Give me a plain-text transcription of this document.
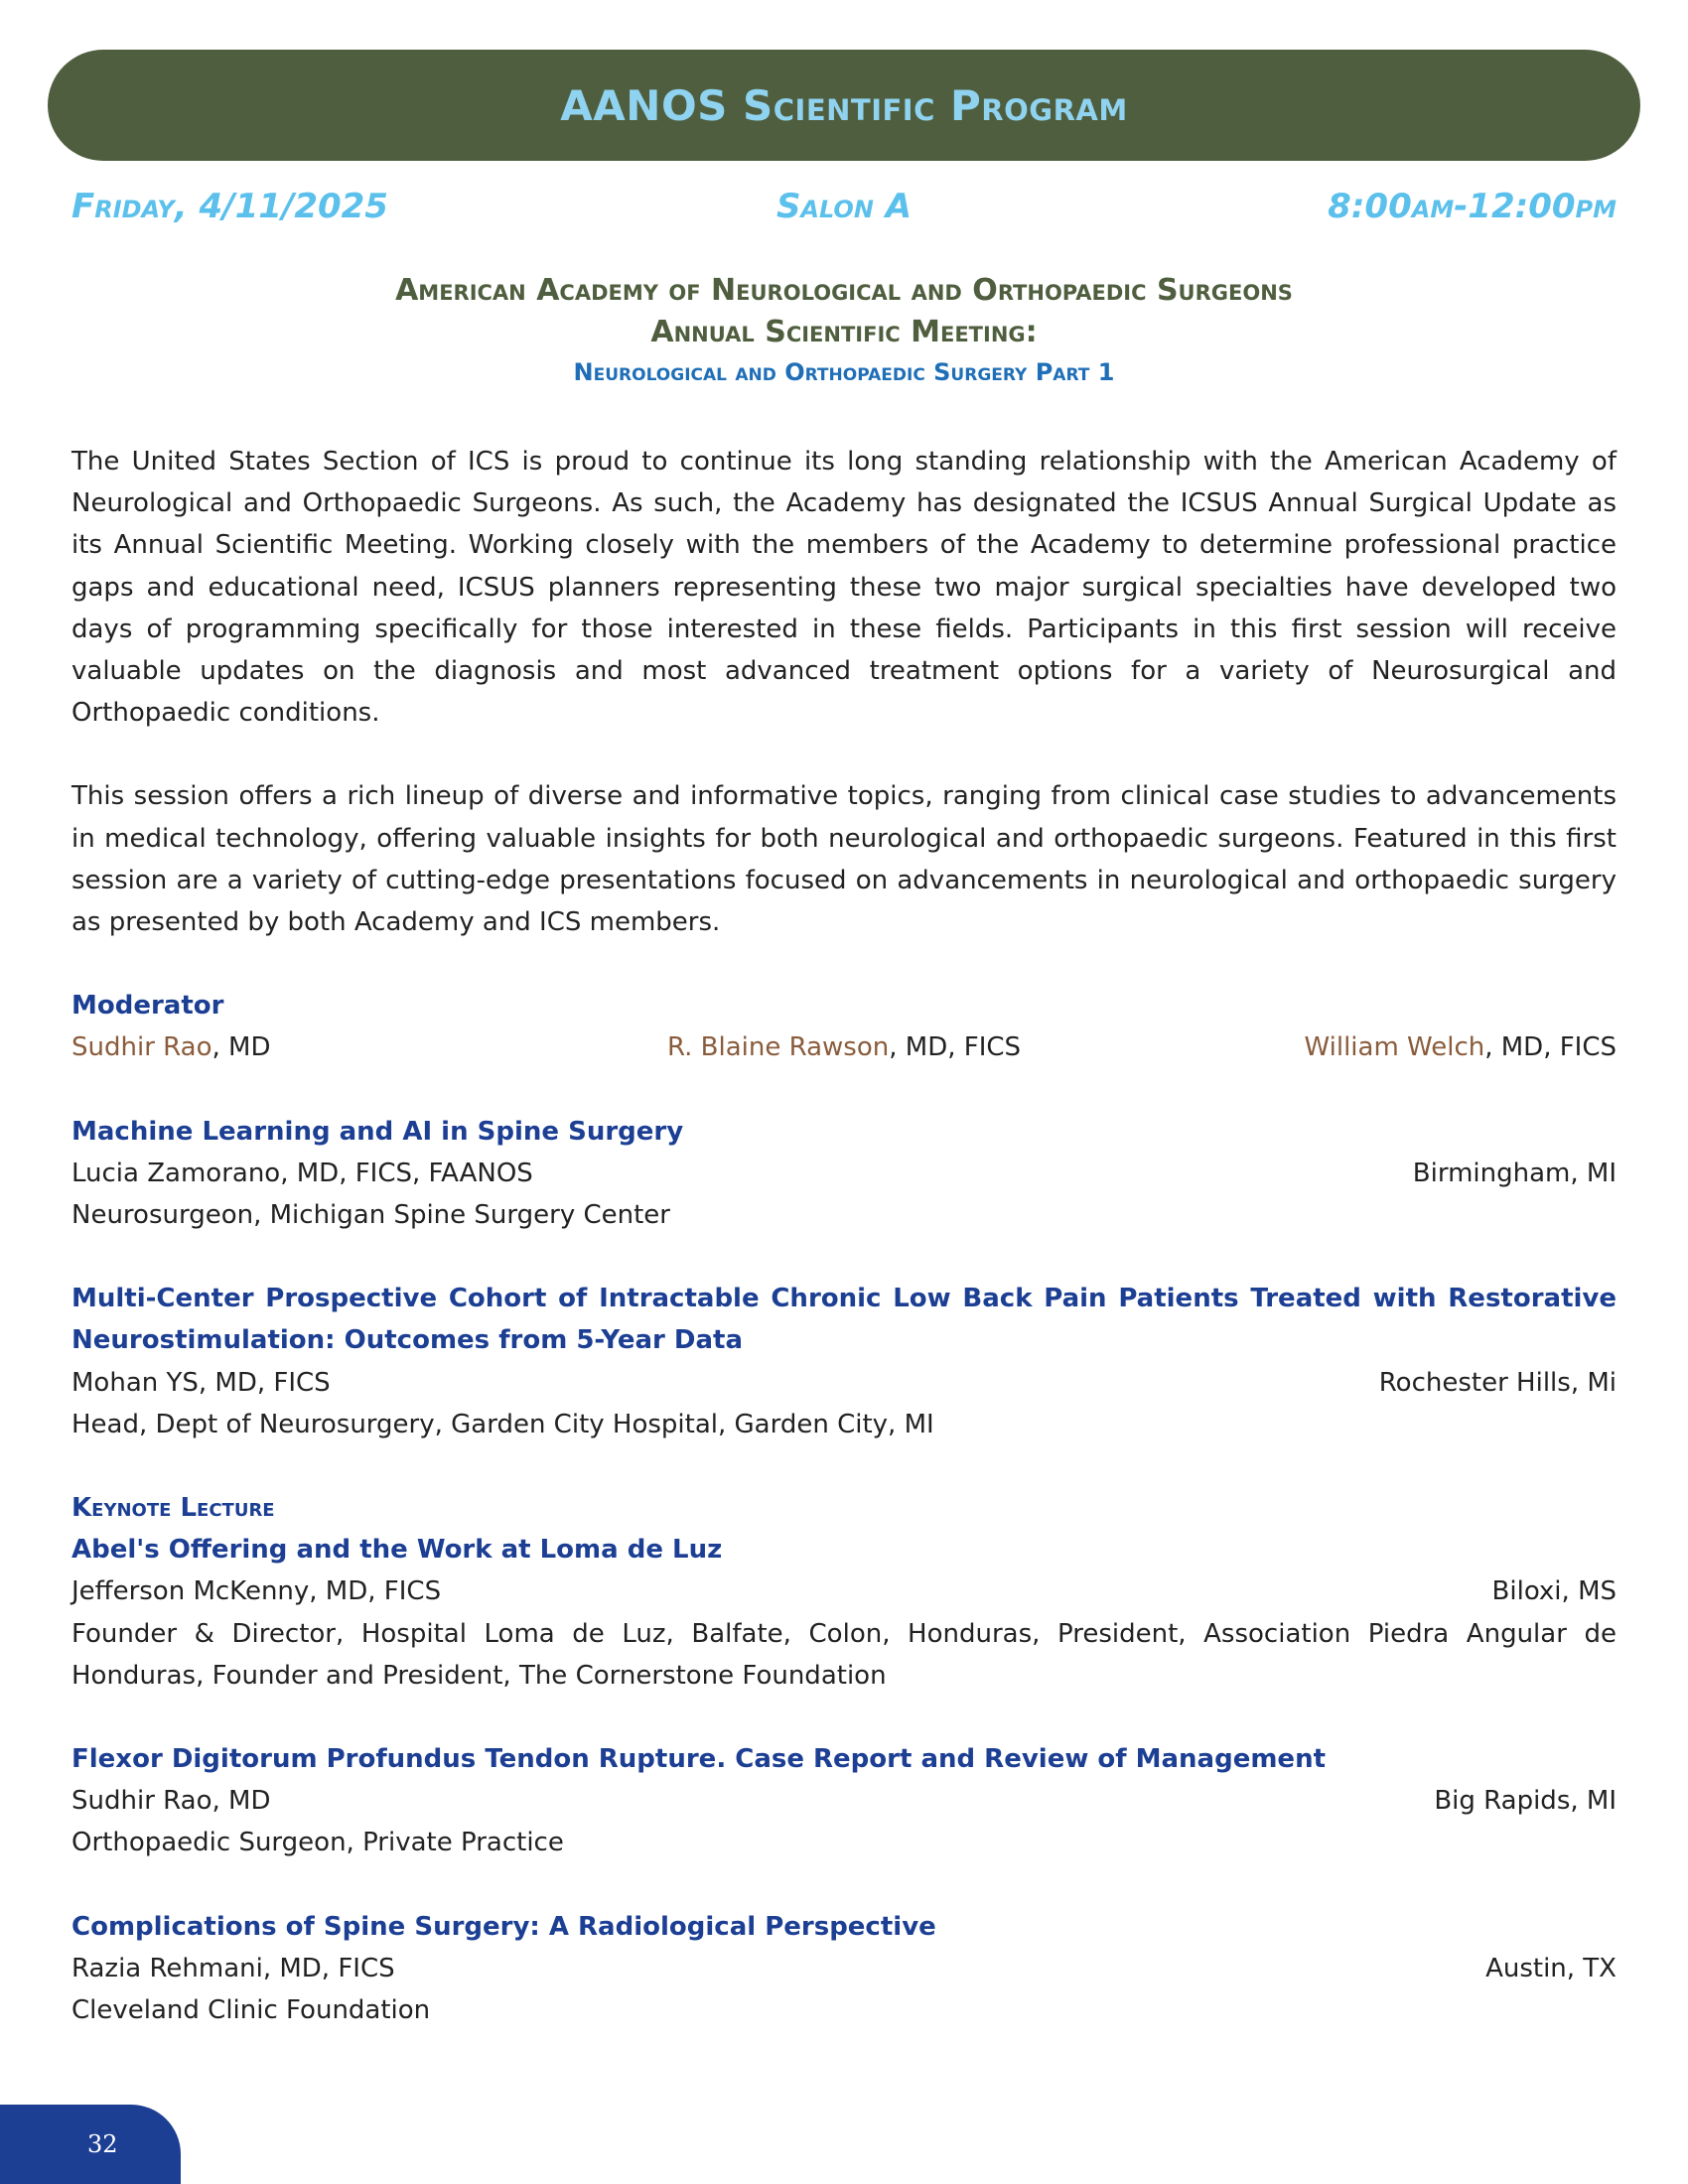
AANOS Scientific Program
Friday, 4/11/2025	Salon A	8:00am-12:00pm
American Academy of Neurological and Orthopaedic Surgeons
Annual Scientific Meeting:
Neurological and Orthopaedic Surgery Part 1

The United States Section of ICS is proud to continue its long standing relationship with the American Academy of Neurological and Orthopaedic Surgeons. As such, the Academy has designated the ICSUS Annual Surgical Update as its Annual Scientific Meeting. Working closely with the members of the Academy to determine professional practice gaps and educational need, ICSUS planners representing these two major surgical specialties have developed two days of programming specifically for those interested in these fields. Participants in this first session will receive valuable updates on the diagnosis and most advanced treatment options for a variety of Neurosurgical and Orthopaedic conditions.

This session offers a rich lineup of diverse and informative topics, ranging from clinical case studies to advancements in medical technology, offering valuable insights for both neurological and orthopaedic surgeons. Featured in this first session are a variety of cutting-edge presentations focused on advancements in neurological and orthopaedic surgery as presented by both Academy and ICS members.

Moderator
Sudhir Rao, MD	R. Blaine Rawson, MD, FICS	William Welch, MD, FICS
Machine Learning and AI in Spine Surgery
Lucia Zamorano, MD, FICS, FAANOS	Birmingham, MI
Neurosurgeon, Michigan Spine Surgery Center
Multi-Center Prospective Cohort of Intractable Chronic Low Back Pain Patients Treated with Restorative Neurostimulation: Outcomes from 5-Year Data
Mohan YS, MD, FICS	Rochester Hills, Mi
Head, Dept of Neurosurgery, Garden City Hospital, Garden City, MI
Keynote Lecture
Abel's Offering and the Work at Loma de Luz
Jefferson McKenny, MD, FICS	Biloxi, MS
Founder & Director, Hospital Loma de Luz, Balfate, Colon, Honduras, President, Association Piedra Angular de Honduras, Founder and President, The Cornerstone Foundation
Flexor Digitorum Profundus Tendon Rupture. Case Report and Review of Management
Sudhir Rao, MD	Big Rapids, MI
Orthopaedic Surgeon, Private Practice
Complications of Spine Surgery: A Radiological Perspective
Razia Rehmani, MD, FICS	Austin, TX
Cleveland Clinic Foundation
32
